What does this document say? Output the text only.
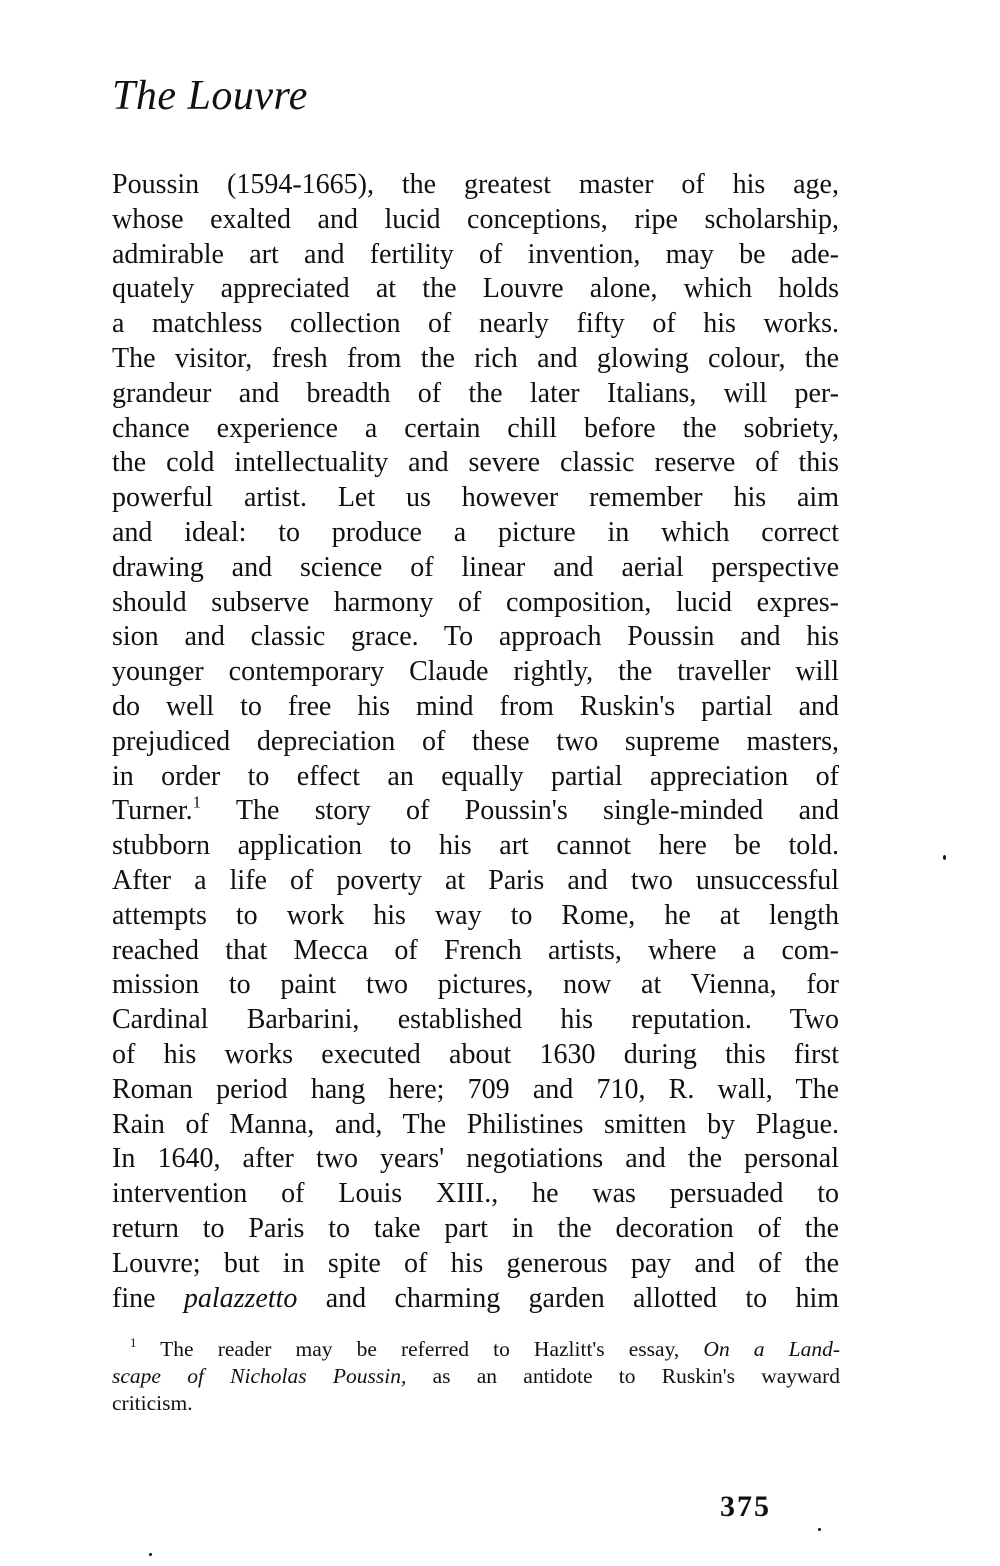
The Louvre
Poussin (1594-1665), the greatest master of his age,
whose exalted and lucid conceptions, ripe scholarship,
admirable art and fertility of invention, may be ade-
quately appreciated at the Louvre alone, which holds
a matchless collection of nearly fifty of his works.
The visitor, fresh from the rich and glowing colour, the
grandeur and breadth of the later Italians, will per-
chance experience a certain chill before the sobriety,
the cold intellectuality and severe classic reserve of this
powerful artist. Let us however remember his aim
and ideal: to produce a picture in which correct
drawing and science of linear and aerial perspective
should subserve harmony of composition, lucid expres-
sion and classic grace. To approach Poussin and his
younger contemporary Claude rightly, the traveller will
do well to free his mind from Ruskin's partial and
prejudiced depreciation of these two supreme masters,
in order to effect an equally partial appreciation of
Turner.$^1$ The story of Poussin's single-minded and
stubborn application to his art cannot here be told.
After a life of poverty at Paris and two unsuccessful
attempts to work his way to Rome, he at length
reached that Mecca of French artists, where a com-
mission to paint two pictures, now at Vienna, for
Cardinal Barbarini, established his reputation. Two
of his works executed about 1630 during this first
Roman period hang here; 709 and 710, R. wall, The
Rain of Manna, and, The Philistines smitten by Plague.
In 1640, after two years' negotiations and the personal
intervention of Louis XIII., he was persuaded to
return to Paris to take part in the decoration of the
Louvre; but in spite of his generous pay and of the
fine palazzetto and charming garden allotted to him
$^1$ The reader may be referred to Hazlitt's essay, On a Land-
scape of Nicholas Poussin, as an antidote to Ruskin's wayward
criticism.
375
